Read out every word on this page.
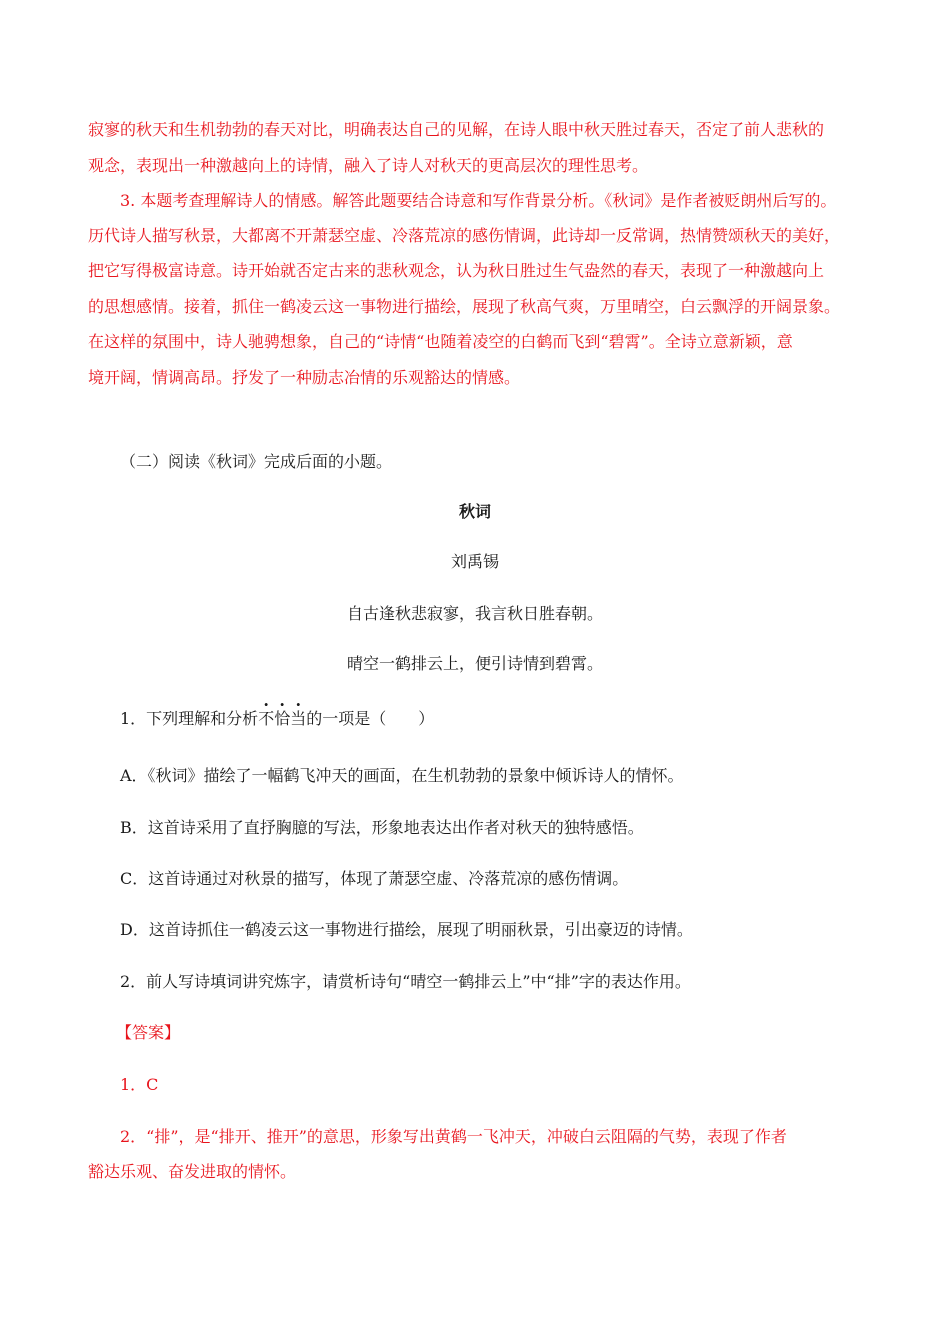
寂寥的秋天和生机勃勃的春天对比，明确表达自己的见解，在诗人眼中秋天胜过春天，否定了前人悲秋的
观念，表现出一种激越向上的诗情，融入了诗人对秋天的更高层次的理性思考。
3. 本题考查理解诗人的情感。解答此题要结合诗意和写作背景分析。《秋词》是作者被贬朗州后写的。
历代诗人描写秋景，大都离不开萧瑟空虚、冷落荒凉的感伤情调，此诗却一反常调，热情赞颂秋天的美好，
把它写得极富诗意。诗开始就否定古来的悲秋观念，认为秋日胜过生气盎然的春天，表现了一种激越向上
的思想感情。接着，抓住一鹤凌云这一事物进行描绘，展现了秋高气爽，万里晴空，白云飘浮的开阔景象。
在这样的氛围中，诗人驰骋想象，自己的“诗情“也随着凌空的白鹤而飞到“碧霄”。全诗立意新颖，意
境开阔，情调高昂。抒发了一种励志冶情的乐观豁达的情感。
（二）阅读《秋词》完成后面的小题。
秋词
刘禹锡
自古逢秋悲寂寥，我言秋日胜春朝。
晴空一鹤排云上，便引诗情到碧霄。
1．下列理解和分析不恰当的一项是（　　）
A．《秋词》描绘了一幅鹤飞冲天的画面，在生机勃勃的景象中倾诉诗人的情怀。
B．这首诗采用了直抒胸臆的写法，形象地表达出作者对秋天的独特感悟。
C．这首诗通过对秋景的描写，体现了萧瑟空虚、冷落荒凉的感伤情调。
D．这首诗抓住一鹤凌云这一事物进行描绘，展现了明丽秋景，引出豪迈的诗情。
2．前人写诗填词讲究炼字，请赏析诗句“晴空一鹤排云上”中“排”字的表达作用。
【答案】
1．C
2．“排”，是“排开、推开”的意思，形象写出黄鹤一飞冲天，冲破白云阻隔的气势，表现了作者
豁达乐观、奋发进取的情怀。
